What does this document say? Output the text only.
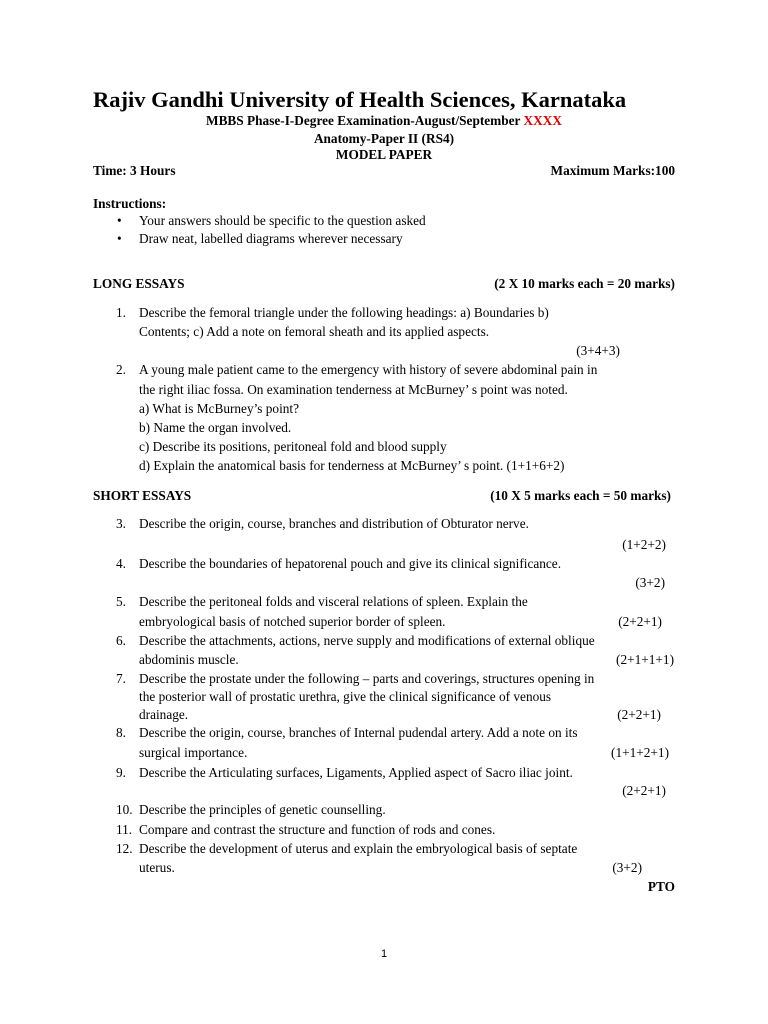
Rajiv Gandhi University of Health Sciences, Karnataka
MBBS Phase-I-Degree Examination-August/September XXXX
Anatomy-Paper II (RS4)
MODEL PAPER
Time: 3 Hours	Maximum Marks:100
Instructions:
• Your answers should be specific to the question asked
• Draw neat, labelled diagrams wherever necessary
LONG ESSAYS	(2 X 10 marks each = 20 marks)
1. Describe the femoral triangle under the following headings: a) Boundaries b)
Contents; c) Add a note on femoral sheath and its applied aspects.
(3+4+3)
2. A young male patient came to the emergency with history of severe abdominal pain in
the right iliac fossa. On examination tenderness at McBurney’ s point was noted.
a) What is McBurney’s point?
b) Name the organ involved.
c) Describe its positions, peritoneal fold and blood supply
d) Explain the anatomical basis for tenderness at McBurney’ s point. (1+1+6+2)
SHORT ESSAYS	(10 X 5 marks each = 50 marks)
3. Describe the origin, course, branches and distribution of Obturator nerve.
(1+2+2)
4. Describe the boundaries of hepatorenal pouch and give its clinical significance.
(3+2)
5. Describe the peritoneal folds and visceral relations of spleen. Explain the
embryological basis of notched superior border of spleen.	(2+2+1)
6. Describe the attachments, actions, nerve supply and modifications of external oblique
abdominis muscle.	(2+1+1+1)
7. Describe the prostate under the following – parts and coverings, structures opening in
the posterior wall of prostatic urethra, give the clinical significance of venous
drainage.	(2+2+1)
8. Describe the origin, course, branches of Internal pudendal artery. Add a note on its
surgical importance.	(1+1+2+1)
9. Describe the Articulating surfaces, Ligaments, Applied aspect of Sacro iliac joint.
(2+2+1)
10. Describe the principles of genetic counselling.
11. Compare and contrast the structure and function of rods and cones.
12. Describe the development of uterus and explain the embryological basis of septate
uterus.	(3+2)
PTO
1
